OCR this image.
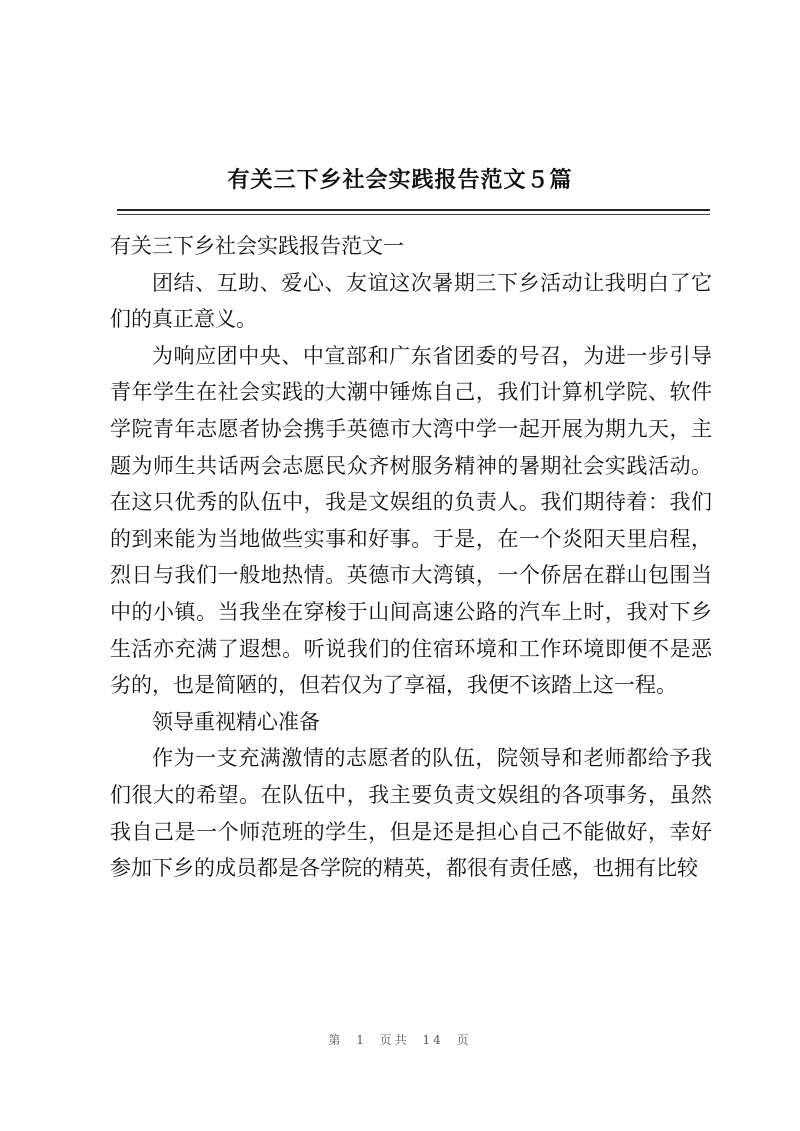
有关三下乡社会实践报告范文５篇

有关三下乡社会实践报告范文一

团结、互助、爱心、友谊这次暑期三下乡活动让我明白了它们的真正意义。

为响应团中央、中宣部和广东省团委的号召，为进一步引导青年学生在社会实践的大潮中锤炼自己，我们计算机学院、软件学院青年志愿者协会携手英德市大湾中学一起开展为期九天，主题为师生共话两会志愿民众齐树服务精神的暑期社会实践活动。在这只优秀的队伍中，我是文娱组的负责人。我们期待着：我们的到来能为当地做些实事和好事。于是，在一个炎阳天里启程，烈日与我们一般地热情。英德市大湾镇，一个侨居在群山包围当中的小镇。当我坐在穿梭于山间高速公路的汽车上时，我对下乡生活亦充满了遐想。听说我们的住宿环境和工作环境即便不是恶劣的，也是简陋的，但若仅为了享福，我便不该踏上这一程。

领导重视精心准备

作为一支充满激情的志愿者的队伍，院领导和老师都给予我们很大的希望。在队伍中，我主要负责文娱组的各项事务，虽然我自己是一个师范班的学生，但是还是担心自己不能做好，幸好参加下乡的成员都是各学院的精英，都很有责任感，也拥有比较

第 1 页共 14 页
